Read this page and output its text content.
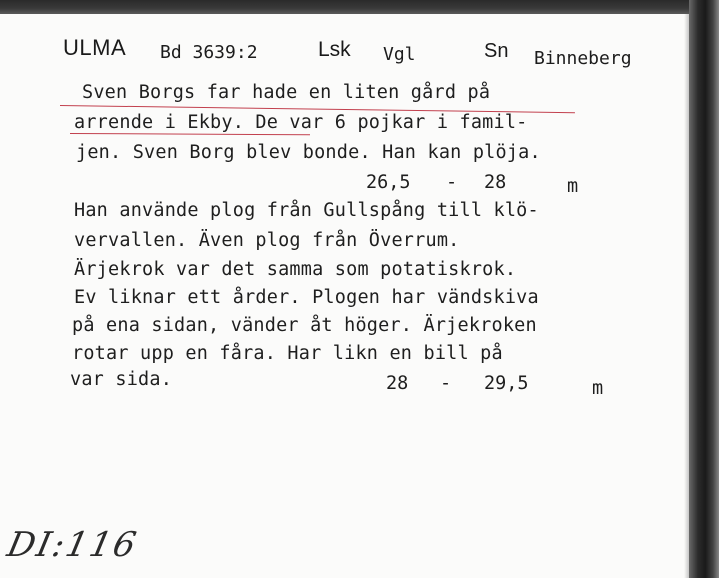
ULMA Bd 3639:2	Lsk Vgl	Sn Binneberg
Sven Borgs far hade en liten gård på
arrende i Ekby. De var 6 pojkar i famil-
jen. Sven Borg blev bonde. Han kan plöja.
26,5 - 28	m
Han använde plog från Gullspång till klö-
vervallen. Även plog från Överrum.
Ärjekrok var det samma som potatiskrok.
Ev liknar ett årder. Plogen har vändskiva
på ena sidan, vänder åt höger. Ärjekroken
rotar upp en fåra. Har likn en bill på
var sida.	28 - 29,5	m
DI:116
